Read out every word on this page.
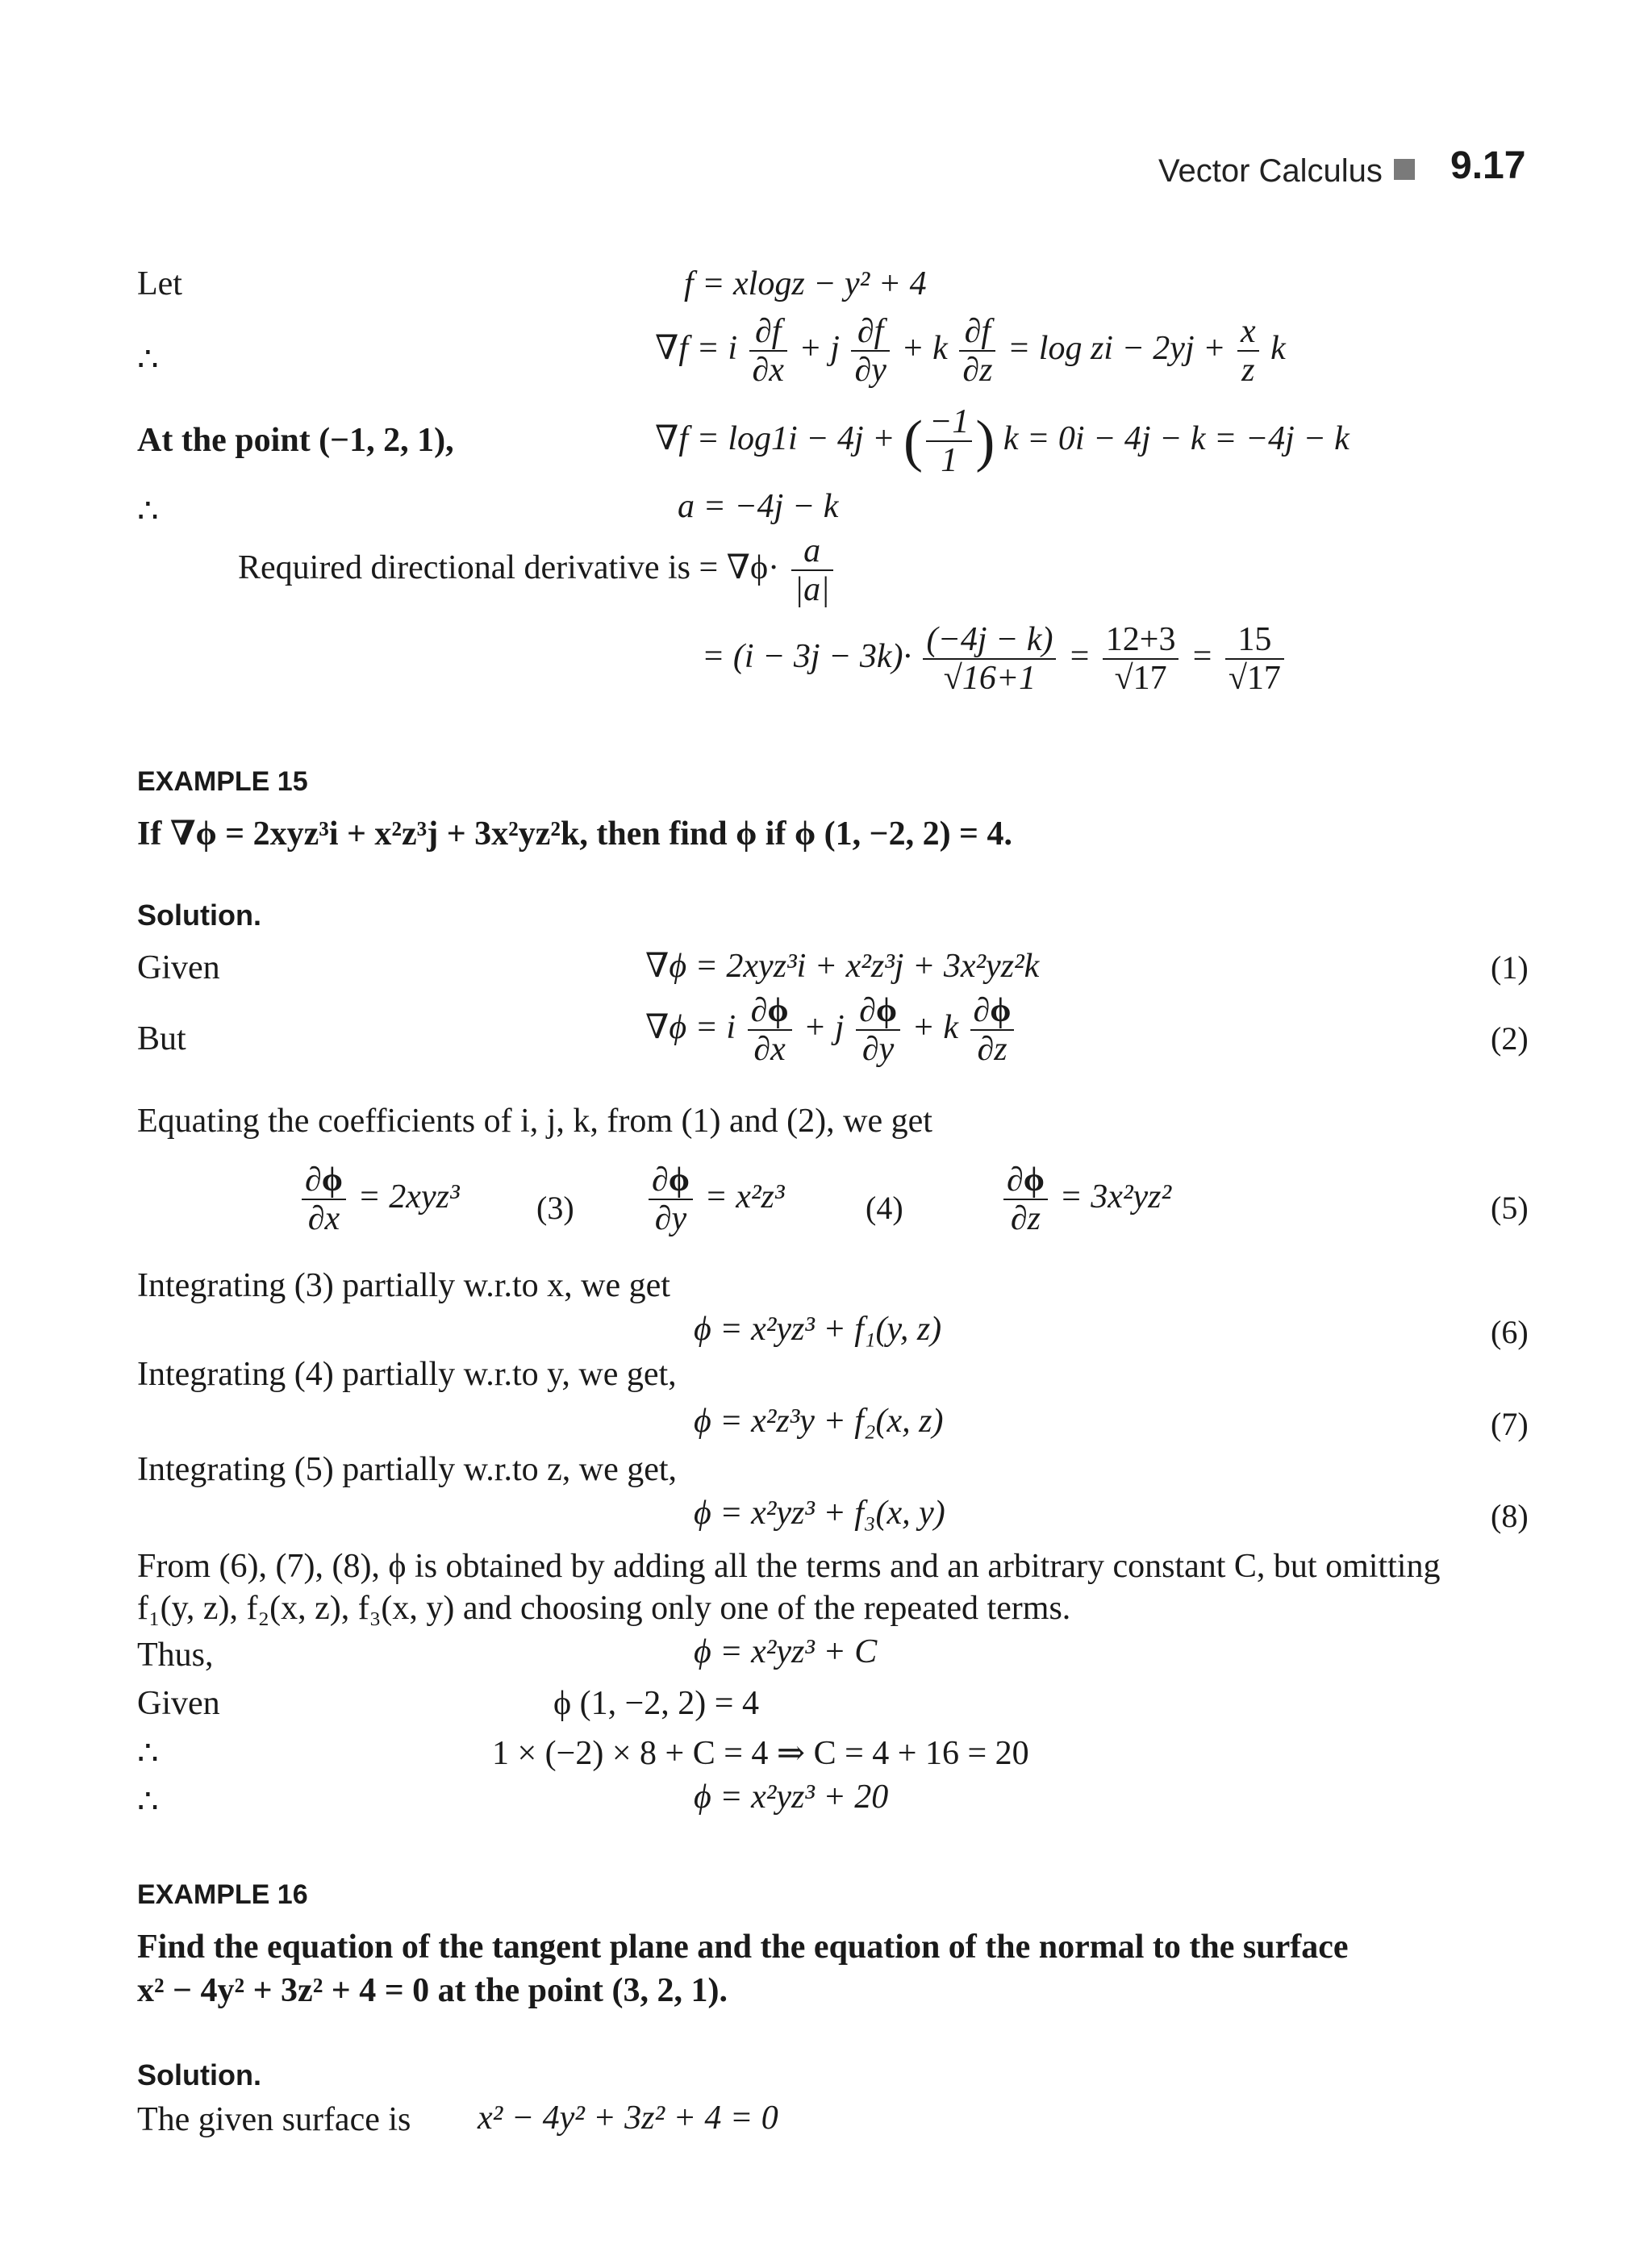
Vector Calculus 9.17
Let	f = xlogz − y² + 4
∴	∇f = i $\frac{\partial f}{\partial x} + j \frac{\partial f}{\partial y} + k \frac{\partial f}{\partial z} = \log$ zi − $2yj + \frac{x}{z}$ k
At the point (−1, 2, 1),	∇f = log1i − 4j + ( $\frac{-1}{1}$ ) k = 0i − 4j − k = −4j − k
∴	a = −4j − k
Required directional derivative is = $\nabla\phi\cdot \frac{a}{|a|}$
= $(i - 3j - 3k)\cdot \frac{(-4j - k)}{√16+1} = \frac{12+3}{√17} = \frac{15}{√17}$
EXAMPLE 15
If ∇ϕ = 2xyz³i + x²z³j + 3x²yz²k, then find ϕ if ϕ (1, −2, 2) = 4.
Solution.
Given	∇ϕ = 2xyz³i + x²z³j + 3x²yz²k	(1)
But	∇ϕ = i $\frac{\partial\phi}{\partial x} + j \frac{\partial\phi}{\partial y} + k \frac{\partial\phi}{\partial z}$	(2)
Equating the coefficients of i, j, k, from (1) and (2), we get
$\frac{\partial\phi}{\partial x} = 2xyz^3$ $(3) \frac{\partial\phi}{\partial y} = x^2z^3$	(4)	$\frac{\partial\phi}{\partial z} = 3x^2yz^2$	(5)
Integrating (3) partially w.r.to x, we get
ϕ = x²yz³ + f₁(y, z)	(6)
Integrating (4) partially w.r.to y, we get,
ϕ = x²z³y + f₂(x, z)	(7)
Integrating (5) partially w.r.to z, we get,
ϕ = x²yz³ + f₃(x, y)	(8)
From (6), (7), (8), ϕ is obtained by adding all the terms and an arbitrary constant C, but omitting
f₁(y, z), f₂(x, z), f₃(x, y) and choosing only one of the repeated terms.
Thus,	ϕ = x²yz³ + C
Given	ϕ (1, −2, 2) = 4
∴	1 × (−2) × 8 + C = 4 ⇒ C = 4 + 16 = 20
∴	ϕ = x²yz³ + 20
EXAMPLE 16
Find the equation of the tangent plane and the equation of the normal to the surface
x² − 4y² + 3z² + 4 = 0 at the point (3, 2, 1).
Solution.
The given surface is x² − 4y² + 3z² + 4 = 0
